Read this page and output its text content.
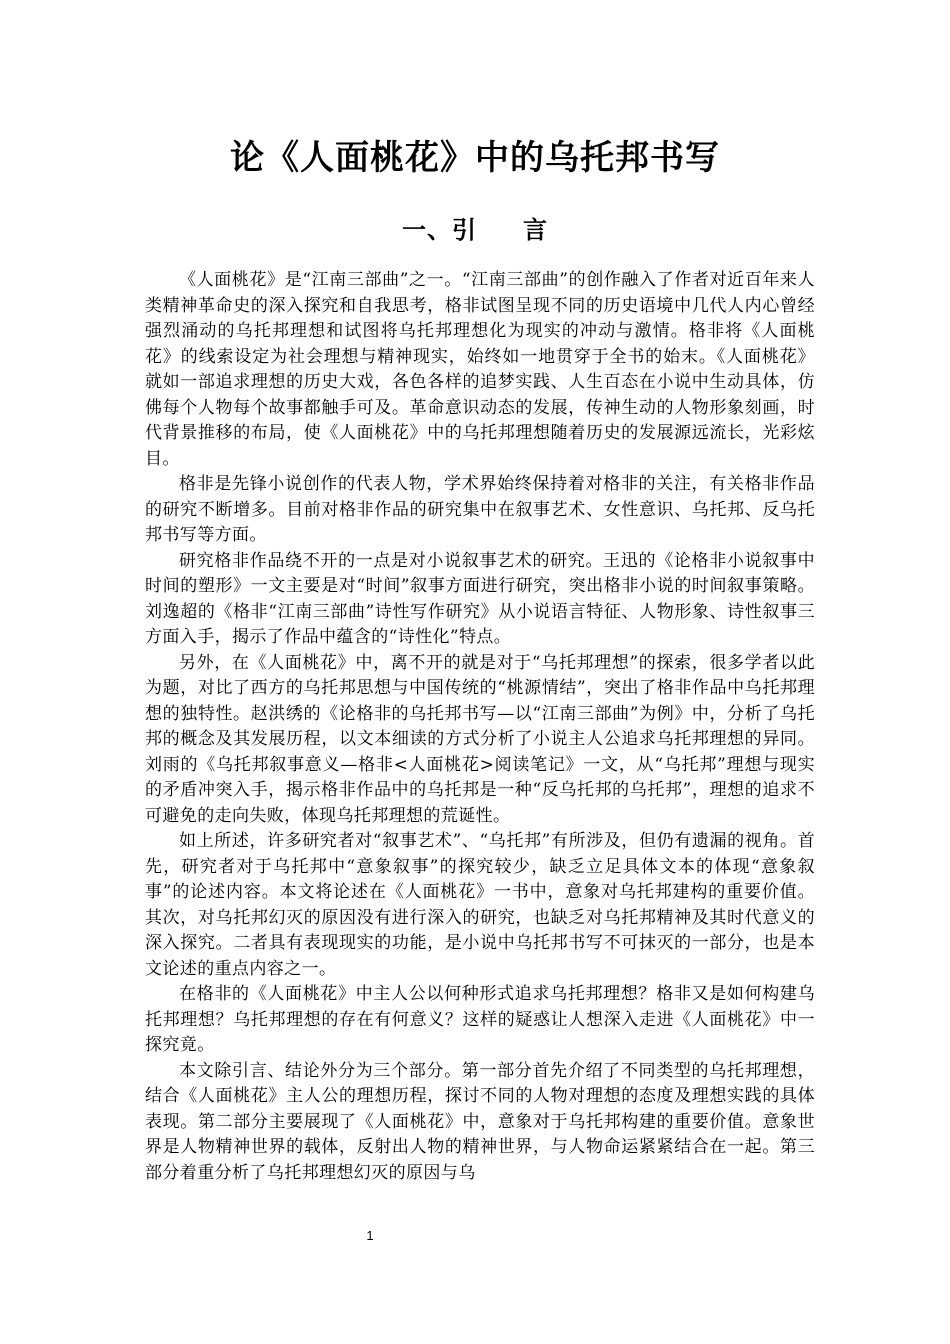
论《人面桃花》中的乌托邦书写
一、引 言

《人面桃花》是“江南三部曲”之一。“江南三部曲”的创作融入了作者对近百年来人类精神革命史的深入探究和自我思考，格非试图呈现不同的历史语境中几代人内心曾经强烈涌动的乌托邦理想和试图将乌托邦理想化为现实的冲动与激情。格非将《人面桃花》的线索设定为社会理想与精神现实，始终如一地贯穿于全书的始末。《人面桃花》就如一部追求理想的历史大戏，各色各样的追梦实践、人生百态在小说中生动具体，仿佛每个人物每个故事都触手可及。革命意识动态的发展，传神生动的人物形象刻画，时代背景推移的布局，使《人面桃花》中的乌托邦理想随着历史的发展源远流长，光彩炫目。

格非是先锋小说创作的代表人物，学术界始终保持着对格非的关注，有关格非作品的研究不断增多。目前对格非作品的研究集中在叙事艺术、女性意识、乌托邦、反乌托邦书写等方面。

研究格非作品绕不开的一点是对小说叙事艺术的研究。王迅的《论格非小说叙事中时间的塑形》一文主要是对“时间”叙事方面进行研究，突出格非小说的时间叙事策略。刘逸超的《格非“江南三部曲”诗性写作研究》从小说语言特征、人物形象、诗性叙事三方面入手，揭示了作品中蕴含的“诗性化”特点。

另外，在《人面桃花》中，离不开的就是对于“乌托邦理想”的探索，很多学者以此为题，对比了西方的乌托邦思想与中国传统的“桃源情结”，突出了格非作品中乌托邦理想的独特性。赵洪绣的《论格非的乌托邦书写—以“江南三部曲”为例》中，分析了乌托邦的概念及其发展历程，以文本细读的方式分析了小说主人公追求乌托邦理想的异同。刘雨的《乌托邦叙事意义—格非<人面桃花>阅读笔记》一文，从“乌托邦”理想与现实的矛盾冲突入手，揭示格非作品中的乌托邦是一种“反乌托邦的乌托邦”，理想的追求不可避免的走向失败，体现乌托邦理想的荒诞性。

如上所述，许多研究者对“叙事艺术”、“乌托邦”有所涉及，但仍有遗漏的视角。首先，研究者对于乌托邦中“意象叙事”的探究较少，缺乏立足具体文本的体现“意象叙事”的论述内容。本文将论述在《人面桃花》一书中，意象对乌托邦建构的重要价值。其次，对乌托邦幻灭的原因没有进行深入的研究，也缺乏对乌托邦精神及其时代意义的深入探究。二者具有表现现实的功能，是小说中乌托邦书写不可抹灭的一部分，也是本文论述的重点内容之一。

在格非的《人面桃花》中主人公以何种形式追求乌托邦理想？格非又是如何构建乌托邦理想？乌托邦理想的存在有何意义？这样的疑惑让人想深入走进《人面桃花》中一探究竟。

本文除引言、结论外分为三个部分。第一部分首先介绍了不同类型的乌托邦理想，结合《人面桃花》主人公的理想历程，探讨不同的人物对理想的态度及理想实践的具体表现。第二部分主要展现了《人面桃花》中，意象对于乌托邦构建的重要价值。意象世界是人物精神世界的载体，反射出人物的精神世界，与人物命运紧紧结合在一起。第三部分着重分析了乌托邦理想幻灭的原因与乌

1
